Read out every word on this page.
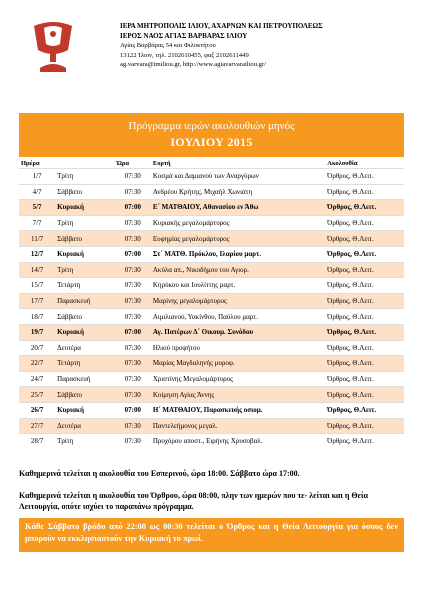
ΙΕΡΑ ΜΗΤΡΟΠΟΛΙΣ ΙΛΙΟΥ, ΑΧΑΡΝΩΝ ΚΑΙ ΠΕΤΡΟΥΠΟΛΕΩΣ
ΙΕΡΟΣ ΝΑΟΣ ΑΓΙΑΣ ΒΑΡΒΑΡΑΣ ΙΛΙΟΥ
Αγίας Βαρβάρας 54 και Φιλοκτήτου
13122 Ίλιον, τηλ. 2102610455, φαξ 2102611449
ag.varvara@imiliou.gr, http://www.agiavarvarailiou.gr/
Πρόγραμμα ιερών ακολουθιών μηνός
ΙΟΥΛΙΟΥ 2015
Ημέρα		Ώρα	Εορτή	Ακολουθία
1/7	Τρίτη	07:30	Κοσμά και Δαμιανού των Αναργύρων	Όρθρος, Θ.Λειτ.
4/7	Σάββατο	07:30	Ανδρέου Κρήτης, Μιχαήλ Χωνιάτη	Όρθρος, Θ.Λειτ.
5/7	Κυριακή	07:00	Ε΄ ΜΑΤΘΑΙΟΥ, Αθανασίου εν Άθω	Όρθρος, Θ.Λειτ.
7/7	Τρίτη	07:30	Κυριακής μεγαλομάρτυρος	Όρθρος, Θ.Λειτ.
11/7	Σάββατο	07:30	Ευφημίας μεγαλομάρτυρος	Όρθρος, Θ.Λειτ.
12/7	Κυριακή	07:00	Στ΄ ΜΑΤΘ. Πρόκλου, Ιλαρίου μαρτ.	Όρθρος, Θ.Λειτ.
14/7	Τρίτη	07:30	Ακύλα απ., Νικοδήμου του Αγιορ.	Όρθρος, Θ.Λειτ.
15/7	Τετάρτη	07:30	Κηρύκου και Ιουλίττης μαρτ.	Όρθρος, Θ.Λειτ.
17/7	Παρασκευή	07:30	Μαρίνης μεγαλομάρτυρος	Όρθρος, Θ.Λειτ.
18/7	Σάββατο	07:30	Αιμιλιανού, Υακίνθου, Παύλου μαρτ.	Όρθρος, Θ.Λειτ.
19/7	Κυριακή	07:00	Αγ. Πατέρων Δ΄ Οικουμ. Συνόδου	Όρθρος, Θ.Λειτ.
20/7	Δευτέρα	07:30	Ηλιού προφήτου	Όρθρος, Θ.Λειτ.
22/7	Τετάρτη	07:30	Μαρίας Μαγδαληνής μυροφ.	Όρθρος, Θ.Λειτ.
24/7	Παρασκευή	07:30	Χριστίνης Μεγαλομάρτυρος	Όρθρος, Θ.Λειτ.
25/7	Σάββατο	07:30	Κοίμηση Αγίας Άννης	Όρθρος, Θ.Λειτ.
26/7	Κυριακή	07:00	Η΄ ΜΑΤΘΑΙΟΥ, Παρασκευής οσιομ.	Όρθρος, Θ.Λειτ.
27/7	Δευτέρα	07:30	Παντελεήμονος μεγαλ.	Όρθρος, Θ.Λειτ.
28/7	Τρίτη	07:30	Προχόρου αποστ., Ειρήνης Χρυσοβαλ.	Όρθρος, Θ.Λειτ.
Καθημερινά τελείται η ακολουθία του Εσπερινού, ώρα 18:00. Σάββατο ώρα 17:00.
Καθημερινά τελείται η ακολουθία του Όρθρου, ώρα 08:00, πλην των ημερών που τε- λείται και η Θεία Λειτουργία, οπότε ισχύει το παραπάνω πρόγραμμα.
Κάθε Σάββατο βράδυ από 22:00 ως 00:30 τελείται ο Όρθρος και η Θεία Λειτουργία για όσους δεν μπορούν να εκκλησιαστούν την Κυριακή το πρωί.
